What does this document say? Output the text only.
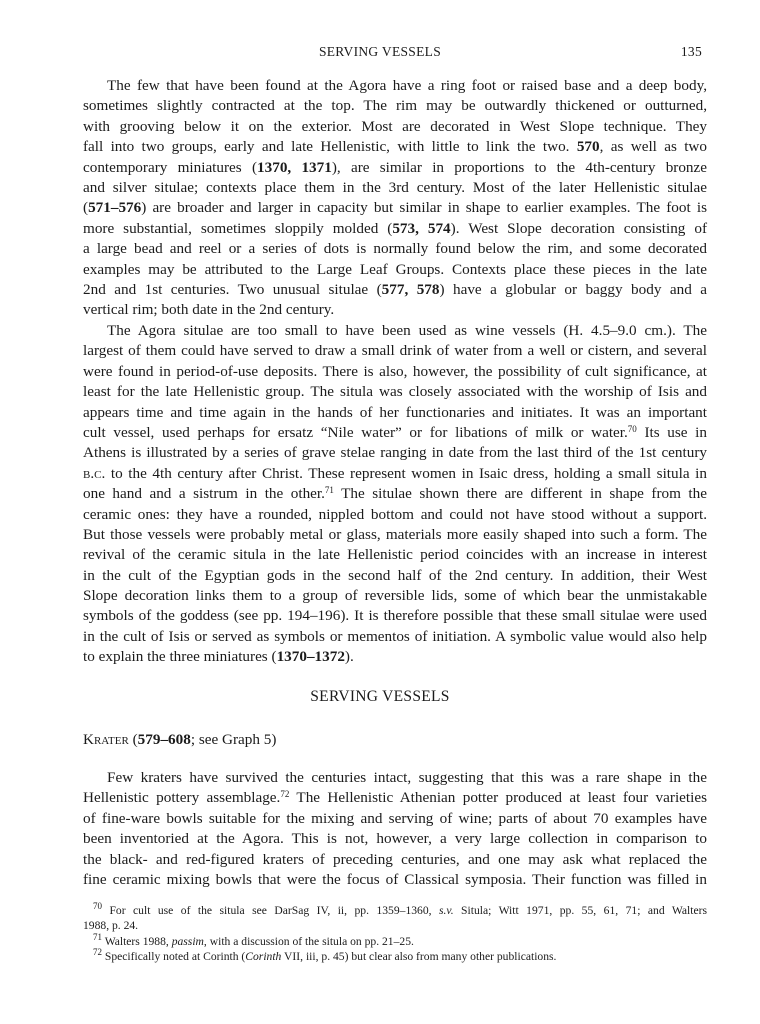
SERVING VESSELS	135
The few that have been found at the Agora have a ring foot or raised base and a deep body,
sometimes slightly contracted at the top. The rim may be outwardly thickened or outturned,
with grooving below it on the exterior. Most are decorated in West Slope technique. They
fall into two groups, early and late Hellenistic, with little to link the two. 570, as well as two
contemporary miniatures (1370, 1371), are similar in proportions to the 4th-century bronze
and silver situlae; contexts place them in the 3rd century. Most of the later Hellenistic situlae
(571–576) are broader and larger in capacity but similar in shape to earlier examples. The foot is
more substantial, sometimes sloppily molded (573, 574). West Slope decoration consisting of
a large bead and reel or a series of dots is normally found below the rim, and some decorated
examples may be attributed to the Large Leaf Groups. Contexts place these pieces in the late
2nd and 1st centuries. Two unusual situlae (577, 578) have a globular or baggy body and a
vertical rim; both date in the 2nd century.
The Agora situlae are too small to have been used as wine vessels (H. 4.5–9.0 cm.). The
largest of them could have served to draw a small drink of water from a well or cistern, and several
were found in period-of-use deposits. There is also, however, the possibility of cult significance, at
least for the late Hellenistic group. The situla was closely associated with the worship of Isis and
appears time and time again in the hands of her functionaries and initiates. It was an important
cult vessel, used perhaps for ersatz “Nile water” or for libations of milk or water.$^{70}$ Its use in
Athens is illustrated by a series of grave stelae ranging in date from the last third of the 1st century
b.c. to the 4th century after Christ. These represent women in Isaic dress, holding a small situla in
one hand and a sistrum in the other.$^{71}$ The situlae shown there are different in shape from the
ceramic ones: they have a rounded, nippled bottom and could not have stood without a support.
But those vessels were probably metal or glass, materials more easily shaped into such a form. The
revival of the ceramic situla in the late Hellenistic period coincides with an increase in interest
in the cult of the Egyptian gods in the second half of the 2nd century. In addition, their West
Slope decoration links them to a group of reversible lids, some of which bear the unmistakable
symbols of the goddess (see pp. 194–196). It is therefore possible that these small situlae were used
in the cult of Isis or served as symbols or mementos of initiation. A symbolic value would also help
to explain the three miniatures (1370–1372).
SERVING VESSELS
Krater (579–608; see Graph 5)
Few kraters have survived the centuries intact, suggesting that this was a rare shape in the
Hellenistic pottery assemblage.$^{72}$ The Hellenistic Athenian potter produced at least four varieties
of fine-ware bowls suitable for the mixing and serving of wine; parts of about 70 examples have
been inventoried at the Agora. This is not, however, a very large collection in comparison to
the black- and red-figured kraters of preceding centuries, and one may ask what replaced the
fine ceramic mixing bowls that were the focus of Classical symposia. Their function was filled in
$^{70}$ For cult use of the situla see DarSag IV, ii, pp. 1359–1360, s.v. Situla; Witt 1971, pp. 55, 61, 71; and Walters
1988, p. 24.
$^{71}$ Walters 1988, passim, with a discussion of the situla on pp. 21–25.
$^{72}$ Specifically noted at Corinth (Corinth VII, iii, p. 45) but clear also from many other publications.
